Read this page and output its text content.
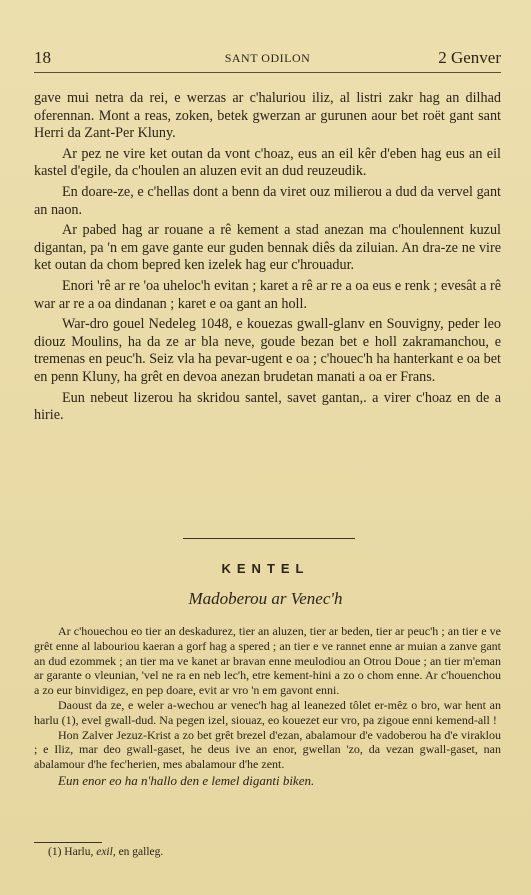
18	SANT ODILON	2 Genver

gave mui netra da rei, e werzas ar c'haluriou iliz, al listri zakr hag an dilhad oferennan. Mont a reas, zoken, betek gwerzan ar gurunen aour bet roët gant sant Herri da Zant-Per Kluny.

Ar pez ne vire ket outan da vont c'hoaz, eus an eil kêr d'eben hag eus an eil kastel d'egile, da c'houlen an aluzen evit an dud reuzeudik.

En doare-ze, e c'hellas dont a benn da viret ouz milierou a dud da vervel gant an naon.

Ar pabed hag ar rouane a rê kement a stad anezan ma c'houlennent kuzul digantan, pa 'n em gave gante eur guden bennak diês da ziluian. An dra-ze ne vire ket outan da chom bepred ken izelek hag eur c'hrouadur.

Enori 'rê ar re 'oa uheloc'h evitan ; karet a rê ar re a oa eus e renk ; evesât a rê war ar re a oa dindanan ; karet e oa gant an holl.

War-dro gouel Nedeleg 1048, e kouezas gwall-glanv en Souvigny, peder leo diouz Moulins, ha da ze ar bla neve, goude bezan bet e holl zakramanchou, e tremenas en peuc'h. Seiz vla ha pevar-ugent e oa ; c'houec'h ha hanterkant e oa bet en penn Kluny, ha grêt en devoa anezan brudetan manati a oa er Frans.

Eun nebeut lizerou ha skridou santel, savet gantan,. a virer c'hoaz en de a hirie.

KENTEL
Madoberou ar Venec'h

Ar c'houechou eo tier an deskadurez, tier an aluzen, tier ar beden, tier ar peuc'h ; an tier e ve grêt enne al labouriou kaeran a gorf hag a spered ; an tier e ve rannet enne ar muian a zanve gant an dud ezommek ; an tier ma ve kanet ar bravan enne meulodiou an Otrou Doue ; an tier m'eman ar garante o vleunian, 'vel ne ra en neb lec'h, etre kement-hini a zo o chom enne. Ar c'houenchou a zo eur binvidigez, en pep doare, evit ar vro 'n em gavont enni.

Daoust da ze, e weler a-wechou ar venec'h hag al leanezed tôlet er-mêz o bro, war hent an harlu (1), evel gwall-dud. Na pegen izel, siouaz, eo kouezet eur vro, pa zigoue enni kemend-all !

Hon Zalver Jezuz-Krist a zo bet grêt brezel d'ezan, abalamour d'e vadoberou ha d'e viraklou ; e Iliz, mar deo gwall-gaset, he deus ive an enor, gwellan 'zo, da vezan gwall-gaset, nan abalamour d'he fec'herien, mes abalamour d'he zent.

Eun enor eo ha n'hallo den e lemel diganti biken.

(1) Harlu, exil, en galleg.
